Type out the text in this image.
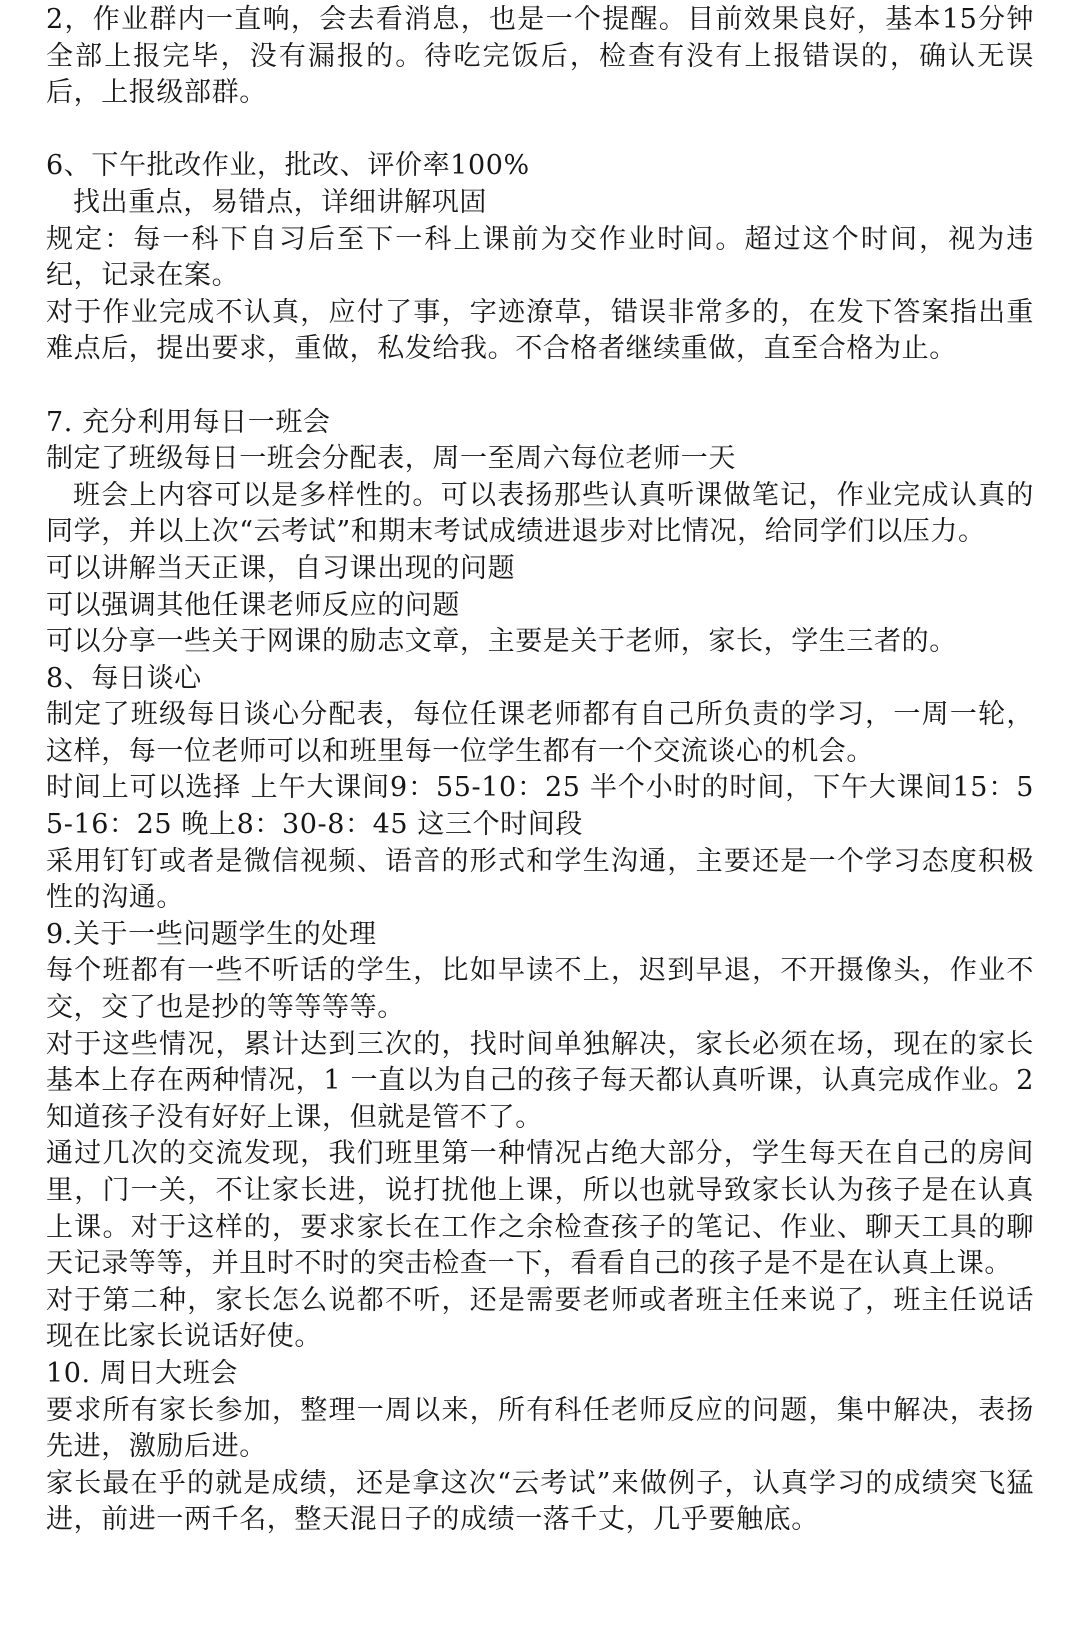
2，作业群内一直响，会去看消息，也是一个提醒。目前效果良好，基本15分钟全部上报完毕，没有漏报的。待吃完饭后，检查有没有上报错误的，确认无误后，上报级部群。

6、下午批改作业，批改、评价率100%

找出重点，易错点，详细讲解巩固

规定：每一科下自习后至下一科上课前为交作业时间。超过这个时间，视为违纪，记录在案。

对于作业完成不认真，应付了事，字迹潦草，错误非常多的，在发下答案指出重难点后，提出要求，重做，私发给我。不合格者继续重做，直至合格为止。

7. 充分利用每日一班会

制定了班级每日一班会分配表，周一至周六每位老师一天

班会上内容可以是多样性的。可以表扬那些认真听课做笔记，作业完成认真的同学，并以上次“云考试”和期末考试成绩进退步对比情况，给同学们以压力。

可以讲解当天正课，自习课出现的问题

可以强调其他任课老师反应的问题

可以分享一些关于网课的励志文章，主要是关于老师，家长，学生三者的。

8、每日谈心

制定了班级每日谈心分配表，每位任课老师都有自己所负责的学习，一周一轮，这样，每一位老师可以和班里每一位学生都有一个交流谈心的机会。

时间上可以选择 上午大课间9：55-10：25 半个小时的时间，下午大课间15：55-16：25 晚上8：30-8：45 这三个时间段

采用钉钉或者是微信视频、语音的形式和学生沟通，主要还是一个学习态度积极性的沟通。

9.关于一些问题学生的处理

每个班都有一些不听话的学生，比如早读不上，迟到早退，不开摄像头，作业不交，交了也是抄的等等等等。

对于这些情况，累计达到三次的，找时间单独解决，家长必须在场，现在的家长基本上存在两种情况，1 一直以为自己的孩子每天都认真听课，认真完成作业。2 知道孩子没有好好上课，但就是管不了。

通过几次的交流发现，我们班里第一种情况占绝大部分，学生每天在自己的房间里，门一关，不让家长进，说打扰他上课，所以也就导致家长认为孩子是在认真上课。对于这样的，要求家长在工作之余检查孩子的笔记、作业、聊天工具的聊天记录等等，并且时不时的突击检查一下，看看自己的孩子是不是在认真上课。

对于第二种，家长怎么说都不听，还是需要老师或者班主任来说了，班主任说话现在比家长说话好使。

10. 周日大班会

要求所有家长参加，整理一周以来，所有科任老师反应的问题，集中解决，表扬先进，激励后进。

家长最在乎的就是成绩，还是拿这次“云考试”来做例子，认真学习的成绩突飞猛进，前进一两千名，整天混日子的成绩一落千丈，几乎要触底。
